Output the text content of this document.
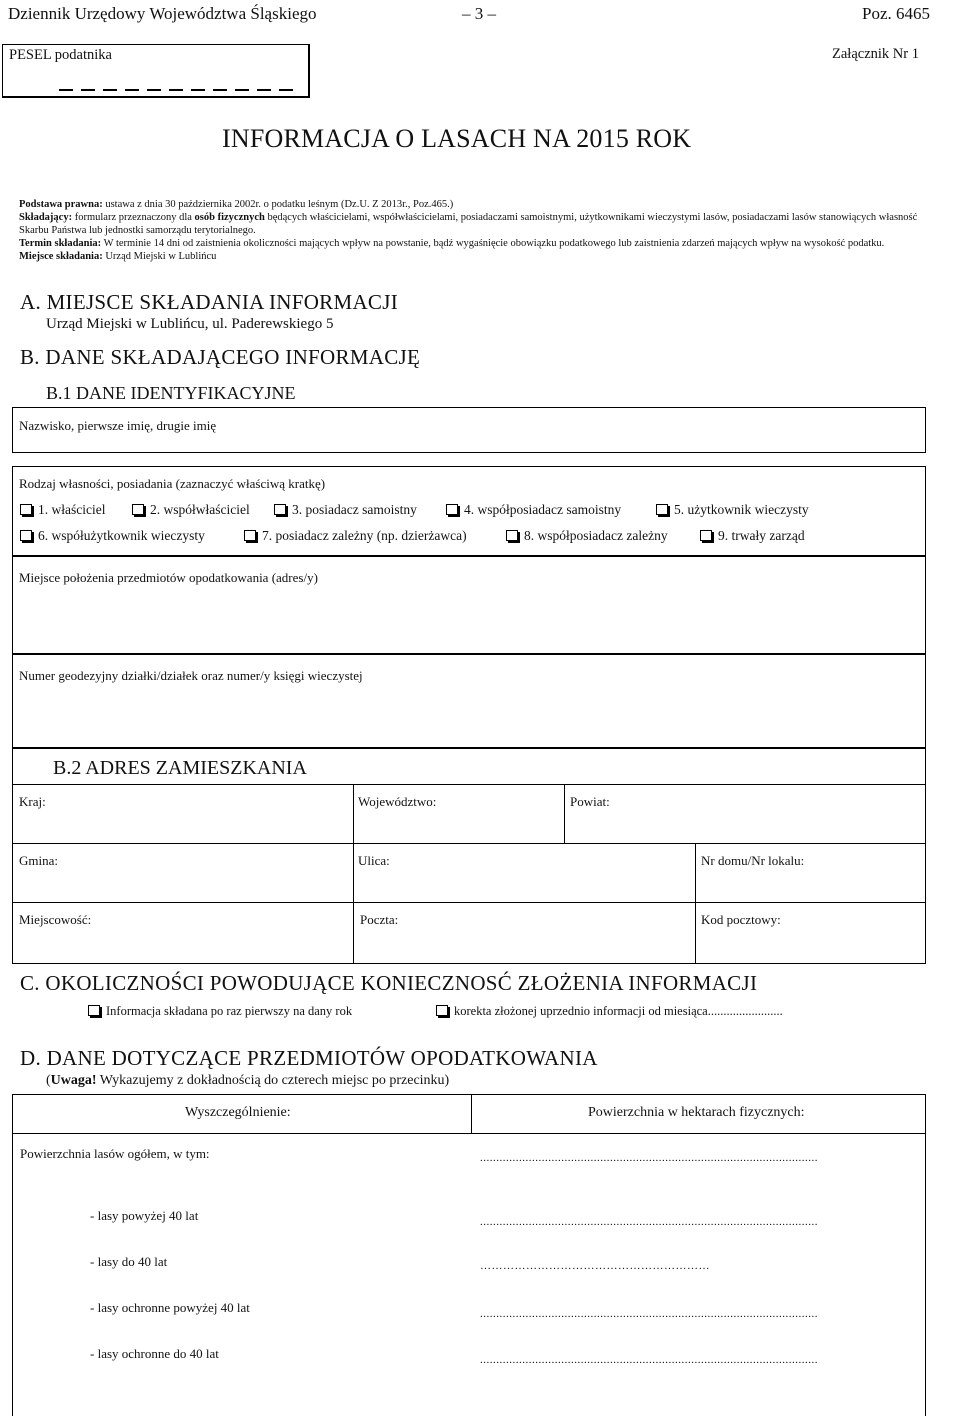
Dziennik Urzędowy Województwa Śląskiego	– 3 –	Poz. 6465
PESEL podatnika	Załącznik Nr 1
INFORMACJA O LASACH NA 2015 ROK
Podstawa prawna: ustawa z dnia 30 października 2002r. o podatku leśnym (Dz.U. Z 2013r., Poz.465.)
Składający: formularz przeznaczony dla osób fizycznych będących właścicielami, współwłaścicielami, posiadaczami samoistnymi, użytkownikami wieczystymi lasów, posiadaczami lasów stanowiących własność Skarbu Państwa lub jednostki samorządu terytorialnego.
Termin składania: W terminie 14 dni od zaistnienia okoliczności mających wpływ na powstanie, bądź wygaśnięcie obowiązku podatkowego lub zaistnienia zdarzeń mających wpływ na wysokość podatku.
Miejsce składania: Urząd Miejski w Lublińcu
A. MIEJSCE SKŁADANIA INFORMACJI
Urząd Miejski w Lublińcu, ul. Paderewskiego 5
B. DANE SKŁADAJĄCEGO INFORMACJĘ
B.1 DANE IDENTYFIKACYJNE
Nazwisko, pierwsze imię, drugie imię
Rodzaj własności, posiadania (zaznaczyć właściwą kratkę)
1. właściciel	2. współwłaściciel	3. posiadacz samoistny	4. współposiadacz samoistny	5. użytkownik wieczysty
6. współużytkownik wieczysty	7. posiadacz zależny (np. dzierżawca)	8. współposiadacz zależny	9. trwały zarząd
Miejsce położenia przedmiotów opodatkowania (adres/y)
Numer geodezyjny działki/działek oraz numer/y księgi wieczystej
B.2 ADRES ZAMIESZKANIA
Kraj:	Województwo:	Powiat:
Gmina:	Ulica:	Nr domu/Nr lokalu:
Miejscowość:	Poczta:	Kod pocztowy:
C. OKOLICZNOŚCI POWODUJĄCE KONIECZNOSĆ ZŁOŻENIA INFORMACJI
Informacja składana po raz pierwszy na dany rok	korekta złożonej uprzednio informacji od miesiąca........................
D. DANE DOTYCZĄCE PRZEDMIOTÓW OPODATKOWANIA
(Uwaga! Wykazujemy z dokładnością do czterech miejsc po przecinku)
Wyszczególnienie:	Powierzchnia w hektarach fizycznych:
Powierzchnia lasów ogółem, w tym:	........................................................................................................
- lasy powyżej 40 lat	........................................................................................................
- lasy do 40 lat	……………………………………………………
- lasy ochronne powyżej 40 lat	........................................................................................................
- lasy ochronne do 40 lat	........................................................................................................
